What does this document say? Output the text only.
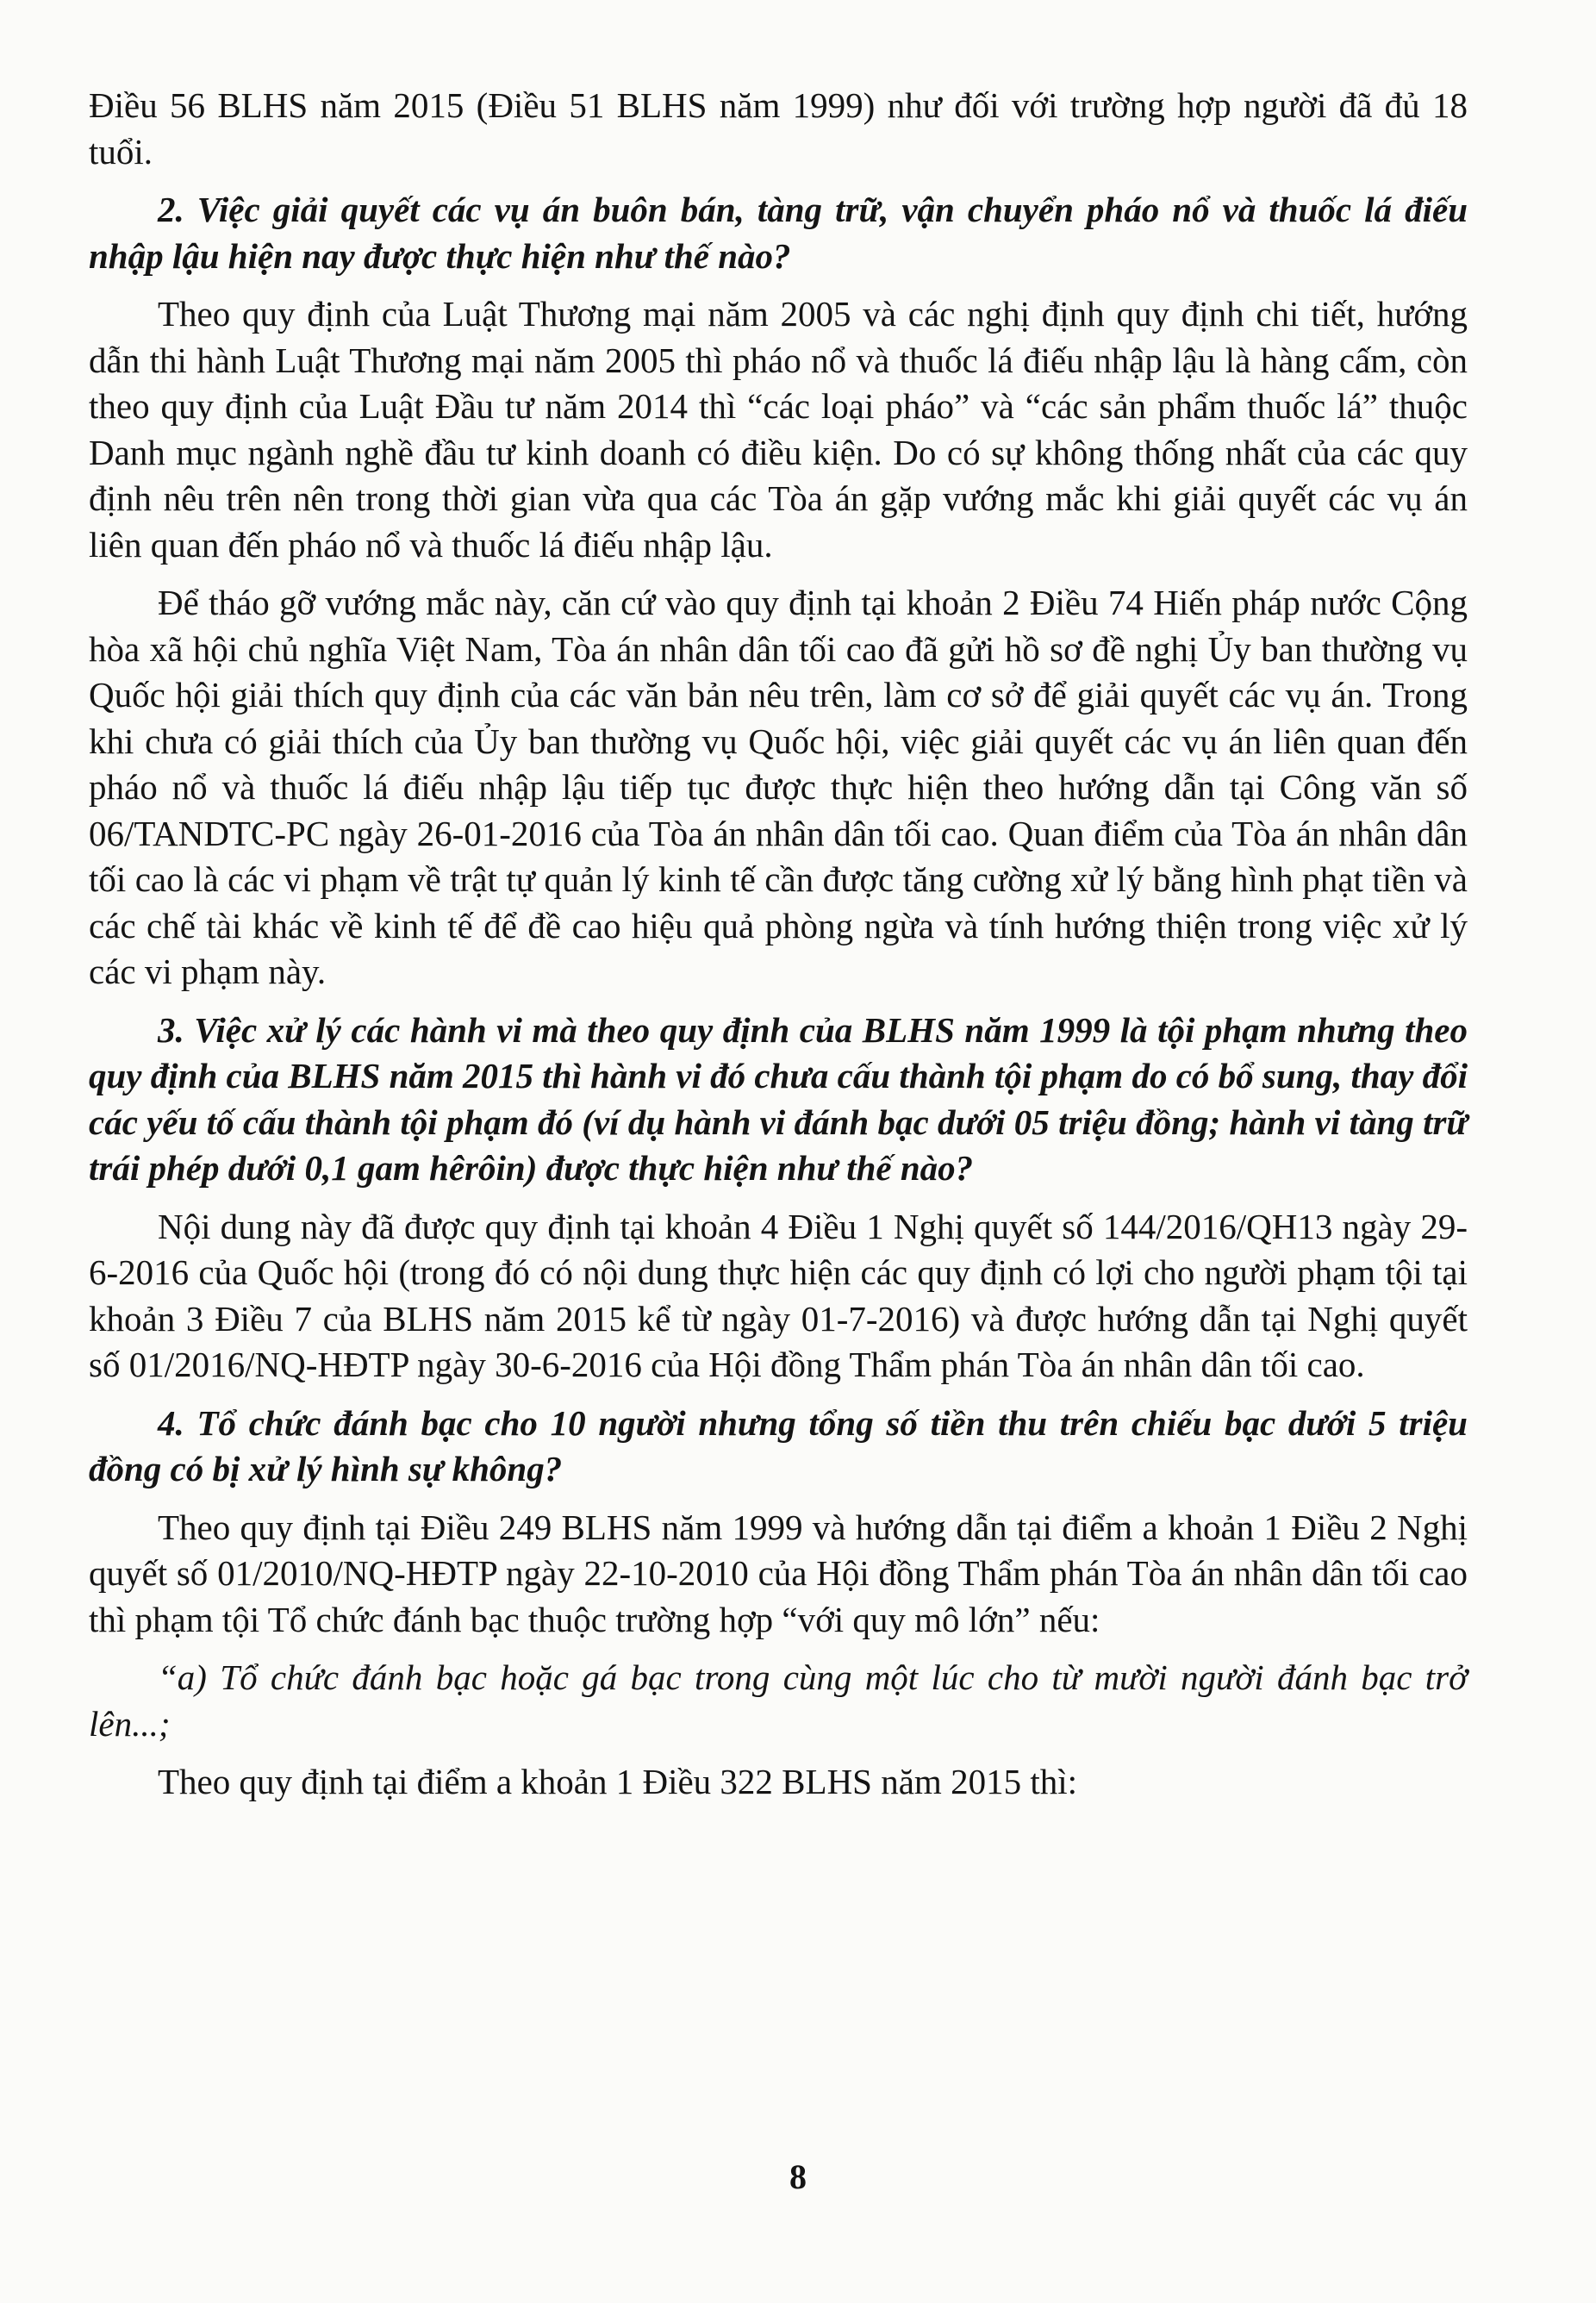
Điều 56 BLHS năm 2015 (Điều 51 BLHS năm 1999) như đối với trường hợp người đã đủ 18 tuổi.

2. Việc giải quyết các vụ án buôn bán, tàng trữ, vận chuyển pháo nổ và thuốc lá điếu nhập lậu hiện nay được thực hiện như thế nào?

Theo quy định của Luật Thương mại năm 2005 và các nghị định quy định chi tiết, hướng dẫn thi hành Luật Thương mại năm 2005 thì pháo nổ và thuốc lá điếu nhập lậu là hàng cấm, còn theo quy định của Luật Đầu tư năm 2014 thì “các loại pháo” và “các sản phẩm thuốc lá” thuộc Danh mục ngành nghề đầu tư kinh doanh có điều kiện. Do có sự không thống nhất của các quy định nêu trên nên trong thời gian vừa qua các Tòa án gặp vướng mắc khi giải quyết các vụ án liên quan đến pháo nổ và thuốc lá điếu nhập lậu.

Để tháo gỡ vướng mắc này, căn cứ vào quy định tại khoản 2 Điều 74 Hiến pháp nước Cộng hòa xã hội chủ nghĩa Việt Nam, Tòa án nhân dân tối cao đã gửi hồ sơ đề nghị Ủy ban thường vụ Quốc hội giải thích quy định của các văn bản nêu trên, làm cơ sở để giải quyết các vụ án. Trong khi chưa có giải thích của Ủy ban thường vụ Quốc hội, việc giải quyết các vụ án liên quan đến pháo nổ và thuốc lá điếu nhập lậu tiếp tục được thực hiện theo hướng dẫn tại Công văn số 06/TANDTC-PC ngày 26-01-2016 của Tòa án nhân dân tối cao. Quan điểm của Tòa án nhân dân tối cao là các vi phạm về trật tự quản lý kinh tế cần được tăng cường xử lý bằng hình phạt tiền và các chế tài khác về kinh tế để đề cao hiệu quả phòng ngừa và tính hướng thiện trong việc xử lý các vi phạm này.

3. Việc xử lý các hành vi mà theo quy định của BLHS năm 1999 là tội phạm nhưng theo quy định của BLHS năm 2015 thì hành vi đó chưa cấu thành tội phạm do có bổ sung, thay đổi các yếu tố cấu thành tội phạm đó (ví dụ hành vi đánh bạc dưới 05 triệu đồng; hành vi tàng trữ trái phép dưới 0,1 gam hêrôin) được thực hiện như thế nào?

Nội dung này đã được quy định tại khoản 4 Điều 1 Nghị quyết số 144/2016/QH13 ngày 29-6-2016 của Quốc hội (trong đó có nội dung thực hiện các quy định có lợi cho người phạm tội tại khoản 3 Điều 7 của BLHS năm 2015 kể từ ngày 01-7-2016) và được hướng dẫn tại Nghị quyết số 01/2016/NQ-HĐTP ngày 30-6-2016 của Hội đồng Thẩm phán Tòa án nhân dân tối cao.

4. Tổ chức đánh bạc cho 10 người nhưng tổng số tiền thu trên chiếu bạc dưới 5 triệu đồng có bị xử lý hình sự không?

Theo quy định tại Điều 249 BLHS năm 1999 và hướng dẫn tại điểm a khoản 1 Điều 2 Nghị quyết số 01/2010/NQ-HĐTP ngày 22-10-2010 của Hội đồng Thẩm phán Tòa án nhân dân tối cao thì phạm tội Tổ chức đánh bạc thuộc trường hợp “với quy mô lớn” nếu:

“a) Tổ chức đánh bạc hoặc gá bạc trong cùng một lúc cho từ mười người đánh bạc trở lên...;

Theo quy định tại điểm a khoản 1 Điều 322 BLHS năm 2015 thì:

8
